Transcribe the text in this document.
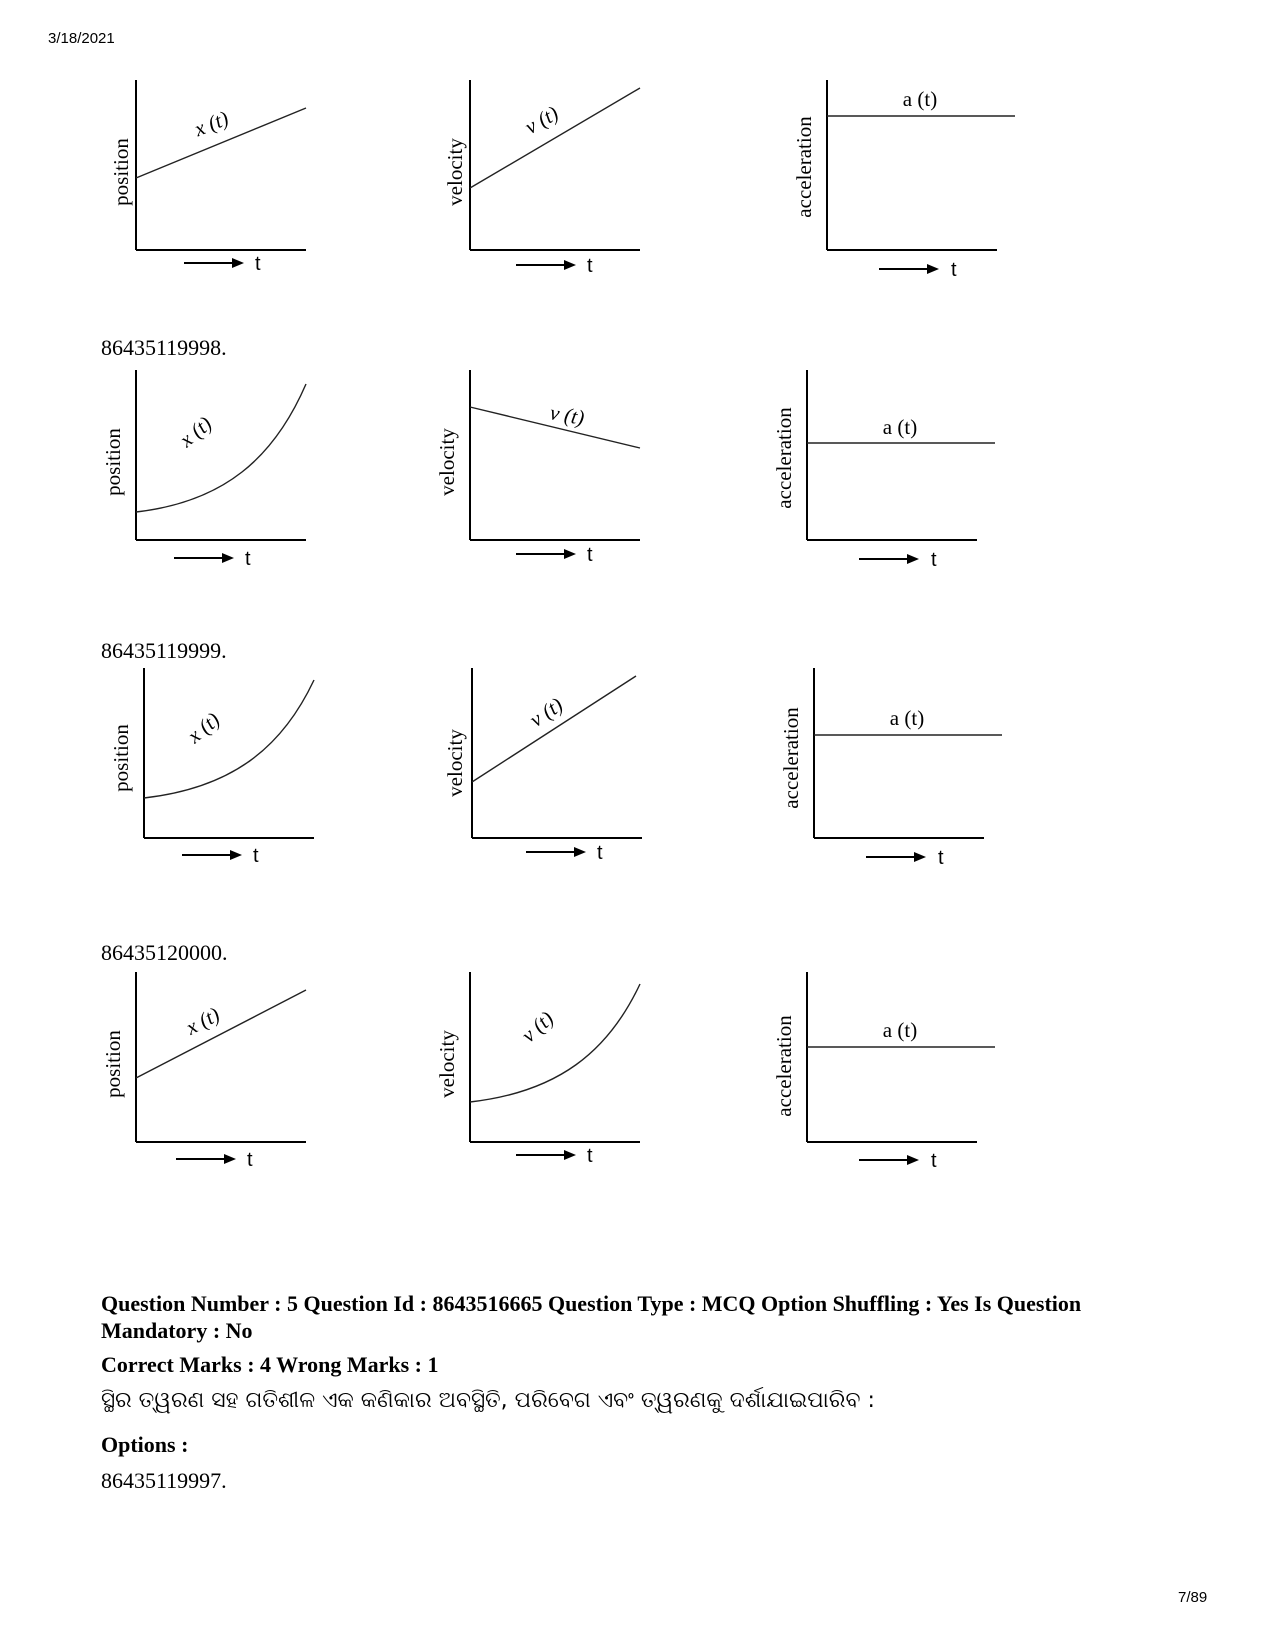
3/18/2021
position
x (t)
t
velocity
v (t)
t
acceleration
a (t)
t
86435119998.
position x (t)
t
velocity
v (t)
t
acceleration	a (t)
t
86435119999.
position x (t)
t
velocity
v (t)
t
acceleration	a (t)
t
86435120000.
position
x (t)
t
velocity
v (t)
t
acceleration	a (t)
t
Question Number : 5 Question Id : 8643516665 Question Type : MCQ Option Shuffling : Yes Is Question Mandatory : No
Correct Marks : 4 Wrong Marks : 1
ସ୍ଥିର ତ୍ୱରଣ ସହ ଗତିଶୀଳ ଏକ କଣିକାର ଅବସ୍ଥିତି, ପରିବେଗ ଏବଂ ତ୍ୱରଣକୁ ଦର୍ଶାଯାଇପାରିବ :
Options :
86435119997.
7/89
